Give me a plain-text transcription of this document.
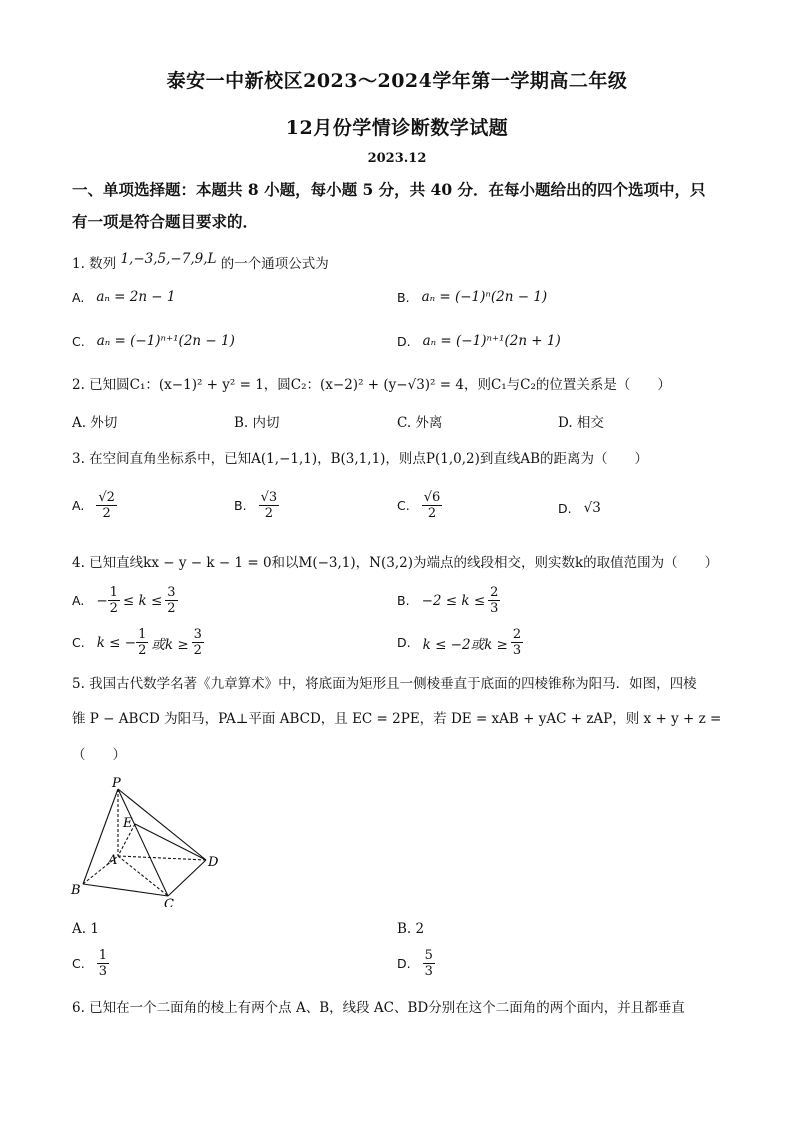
泰安一中新校区2023～2024学年第一学期高二年级
12月份学情诊断数学试题
2023.12
一、单项选择题：本题共 8 小题，每小题 5 分，共 40 分．在每小题给出的四个选项中，只
有一项是符合题目要求的．
1. 数列 1,−3,5,−7,9,L 的一个通项公式为
A. aₙ = 2n − 1	B. aₙ = (−1)ⁿ(2n − 1)
C. aₙ = (−1)ⁿ⁺¹(2n − 1)	D. aₙ = (−1)ⁿ⁺¹(2n + 1)
2. 已知圆C₁：(x−1)² + y² = 1，圆C₂：(x−2)² + (y−√3)² = 4，则C₁与C₂的位置关系是（　　）
A. 外切	B. 内切	C. 外离	D. 相交
3. 在空间直角坐标系中，已知A(1,−1,1)，B(3,1,1)，则点P(1,0,2)到直线AB的距离为（　　）
A. $\frac{√2}{2}$	B. $\frac{√3}{2}$	C. $\frac{√6}{2}$	D. √3
4. 已知直线kx − y − k − 1 = 0和以M(−3,1)，N(3,2)为端点的线段相交，则实数k的取值范围为（　　）
A. − $\frac{1}{2} \le k \le \frac{3}{2}$	B. $-2 \le k \le \frac{2}{3}$
C. k ≤ − $\frac{1}{2}$ 或$k \ge \frac{3}{2}$	D. k ≤ −2或$k \ge \frac{2}{3}$
5. 我国古代数学名著《九章算术》中，将底面为矩形且一侧棱垂直于底面的四棱锥称为阳马．如图，四棱
锥 P − ABCD 为阳马，PA⊥平面 ABCD，且 EC = 2PE，若 DE = xAB + yAC + zAP，则 x + y + z =
（　　）
P
E
A
B
C
D
A. 1	B. 2
C. $\frac{1}{3}$	D. $\frac{5}{3}$
6. 已知在一个二面角的棱上有两个点 A、B，线段 AC、BD分别在这个二面角的两个面内，并且都垂直
